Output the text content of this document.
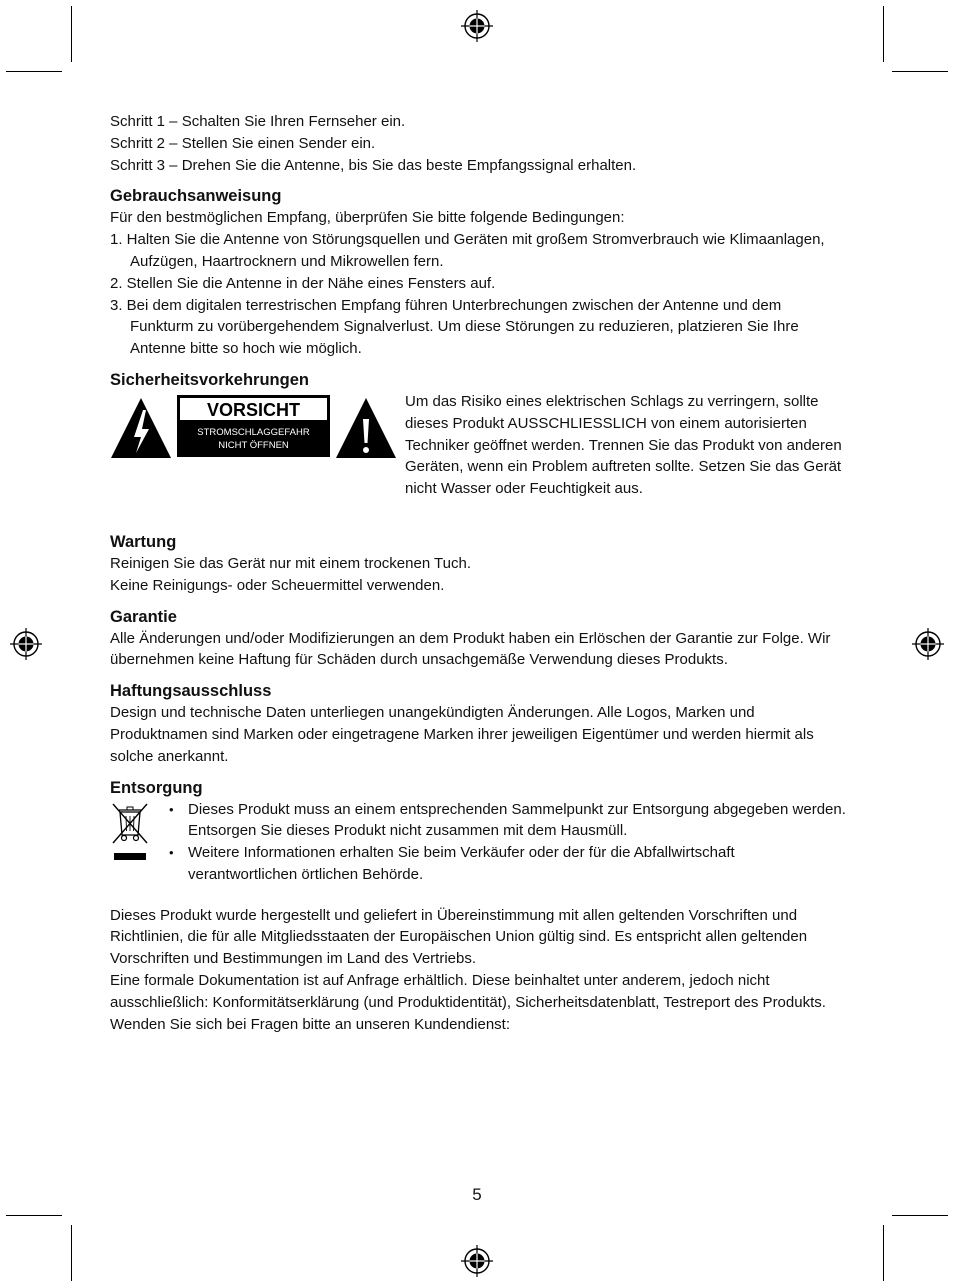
Schritt 1 – Schalten Sie Ihren Fernseher ein.

Schritt 2 – Stellen Sie einen Sender ein.

Schritt 3 – Drehen Sie die Antenne, bis Sie das beste Empfangssignal erhalten.

Gebrauchsanweisung

Für den bestmöglichen Empfang, überprüfen Sie bitte folgende Bedingungen:

1. Halten Sie die Antenne von Störungsquellen und Geräten mit großem Stromverbrauch wie Klimaanlagen, Aufzügen, Haartrocknern und Mikrowellen fern.
2. Stellen Sie die Antenne in der Nähe eines Fensters auf.
3. Bei dem digitalen terrestrischen Empfang führen Unterbrechungen zwischen der Antenne und dem Funkturm zu vorübergehendem Signalverlust. Um diese Störungen zu reduzieren, platzieren Sie Ihre Antenne bitte so hoch wie möglich.
Sicherheitsvorkehrungen
VORSICHT
STROMSCHLAGGEFAHR
NICHT ÖFFNEN

Um das Risiko eines elektrischen Schlags zu verringern, sollte dieses Produkt AUSSCHLIESSLICH von einem autorisierten Techniker geöffnet werden. Trennen Sie das Produkt von anderen Geräten, wenn ein Problem auftreten sollte. Setzen Sie das Gerät nicht Wasser oder Feuchtigkeit aus.

Wartung

Reinigen Sie das Gerät nur mit einem trockenen Tuch.

Keine Reinigungs- oder Scheuermittel verwenden.

Garantie

Alle Änderungen und/oder Modifizierungen an dem Produkt haben ein Erlöschen der Garantie zur Folge. Wir übernehmen keine Haftung für Schäden durch unsachgemäße Verwendung dieses Produkts.

Haftungsausschluss

Design und technische Daten unterliegen unangekündigten Änderungen. Alle Logos, Marken und Produktnamen sind Marken oder eingetragene Marken ihrer jeweiligen Eigentümer und werden hiermit als solche anerkannt.

Entsorgung
• Dieses Produkt muss an einem entsprechenden Sammelpunkt zur Entsorgung abgegeben werden. Entsorgen Sie dieses Produkt nicht zusammen mit dem Hausmüll.
• Weitere Informationen erhalten Sie beim Verkäufer oder der für die Abfallwirtschaft verantwortlichen örtlichen Behörde.

Dieses Produkt wurde hergestellt und geliefert in Übereinstimmung mit allen geltenden Vorschriften und Richtlinien, die für alle Mitgliedsstaaten der Europäischen Union gültig sind. Es entspricht allen geltenden Vorschriften und Bestimmungen im Land des Vertriebs.

Eine formale Dokumentation ist auf Anfrage erhältlich. Diese beinhaltet unter anderem, jedoch nicht ausschließlich: Konformitätserklärung (und Produktidentität), Sicherheitsdatenblatt, Testreport des Produkts.

Wenden Sie sich bei Fragen bitte an unseren Kundendienst:

5
